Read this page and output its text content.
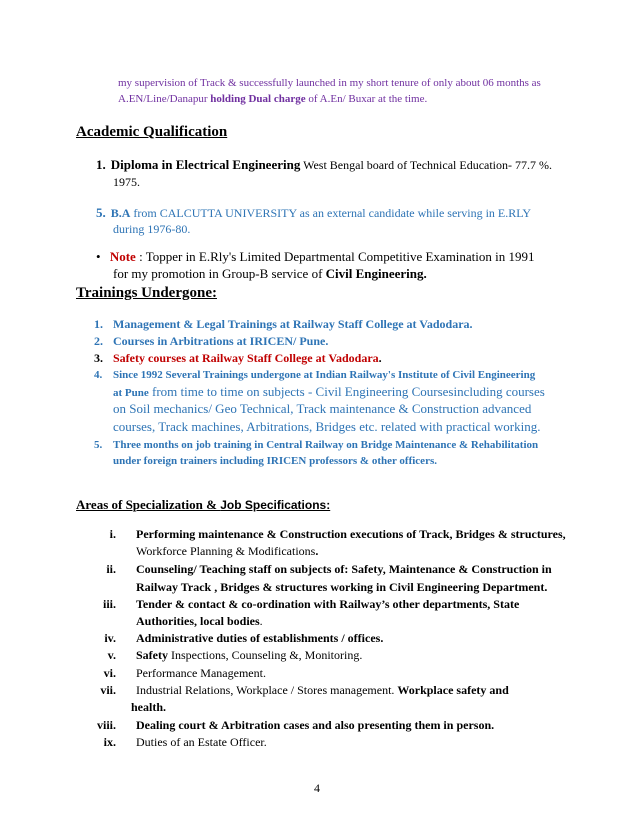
my supervision of Track & successfully launched in my short tenure of only about 06 months as
A.EN/Line/Danapur holding Dual charge of A.En/ Buxar at the time.
Academic Qualification
1. Diploma in Electrical Engineering West Bengal board of Technical Education- 77.7 %.
1975.
5. B.A from CALCUTTA UNIVERSITY as an external candidate while serving in E.RLY
during 1976-80.
• Note : Topper in E.Rly's Limited Departmental Competitive Examination in 1991
for my promotion in Group-B service of Civil Engineering.
Trainings Undergone:
1. Management & Legal Trainings at Railway Staff College at Vadodara.
2. Courses in Arbitrations at IRICEN/ Pune.
3. Safety courses at Railway Staff College at Vadodara.
4. Since 1992 Several Trainings undergone at Indian Railway's Institute of Civil Engineering
at Pune from time to time on subjects - Civil Engineering Coursesincluding courses
on Soil mechanics/ Geo Technical, Track maintenance & Construction advanced
courses, Track machines, Arbitrations, Bridges etc. related with practical working.
5. Three months on job training in Central Railway on Bridge Maintenance & Rehabilitation
under foreign trainers including IRICEN professors & other officers.
Areas of Specialization & Job Specifications:
i. Performing maintenance & Construction executions of Track, Bridges & structures,
Workforce Planning & Modifications.
ii. Counseling/ Teaching staff on subjects of: Safety, Maintenance & Construction in
Railway Track , Bridges & structures working in Civil Engineering Department.
iii. Tender & contact & co-ordination with Railway’s other departments, State
Authorities, local bodies.
iv. Administrative duties of establishments / offices.
v. Safety Inspections, Counseling &, Monitoring.
vi. Performance Management.
vii. Industrial Relations, Workplace / Stores management. Workplace safety and
health.
viii. Dealing court & Arbitration cases and also presenting them in person.
ix. Duties of an Estate Officer.
4
